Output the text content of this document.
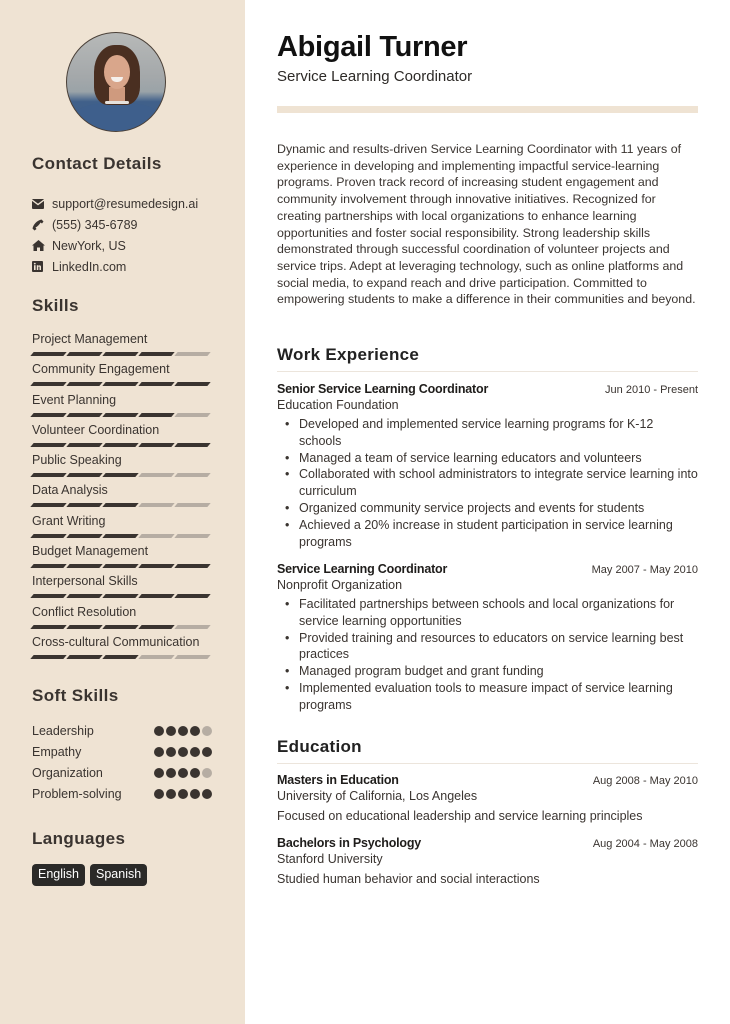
Contact Details
support@resumedesign.ai
(555) 345-6789
NewYork, US
LinkedIn.com
Skills
Project Management
Community Engagement
Event Planning
Volunteer Coordination
Public Speaking
Data Analysis
Grant Writing
Budget Management
Interpersonal Skills
Conflict Resolution
Cross-cultural Communication
Soft Skills
Leadership
Empathy
Organization
Problem-solving
Languages
English	Spanish
Abigail Turner
Service Learning Coordinator

Dynamic and results-driven Service Learning Coordinator with 11 years of experience in developing and implementing impactful service-learning programs. Proven track record of increasing student engagement and community involvement through innovative initiatives. Recognized for creating partnerships with local organizations to enhance learning opportunities and foster social responsibility. Strong leadership skills demonstrated through successful coordination of volunteer projects and service trips. Adept at leveraging technology, such as online platforms and social media, to expand reach and drive participation. Committed to empowering students to make a difference in their communities and beyond.

Work Experience
Senior Service Learning Coordinator	Jun 2010 - Present
Education Foundation
• Developed and implemented service learning programs for K-12 schools
• Managed a team of service learning educators and volunteers
• Collaborated with school administrators to integrate service learning into curriculum
• Organized community service projects and events for students
• Achieved a 20% increase in student participation in service learning programs
Service Learning Coordinator	May 2007 - May 2010
Nonprofit Organization
• Facilitated partnerships between schools and local organizations for service learning opportunities
• Provided training and resources to educators on service learning best practices
• Managed program budget and grant funding
• Implemented evaluation tools to measure impact of service learning programs
Education
Masters in Education	Aug 2008 - May 2010
University of California, Los Angeles
Focused on educational leadership and service learning principles
Bachelors in Psychology	Aug 2004 - May 2008
Stanford University
Studied human behavior and social interactions
